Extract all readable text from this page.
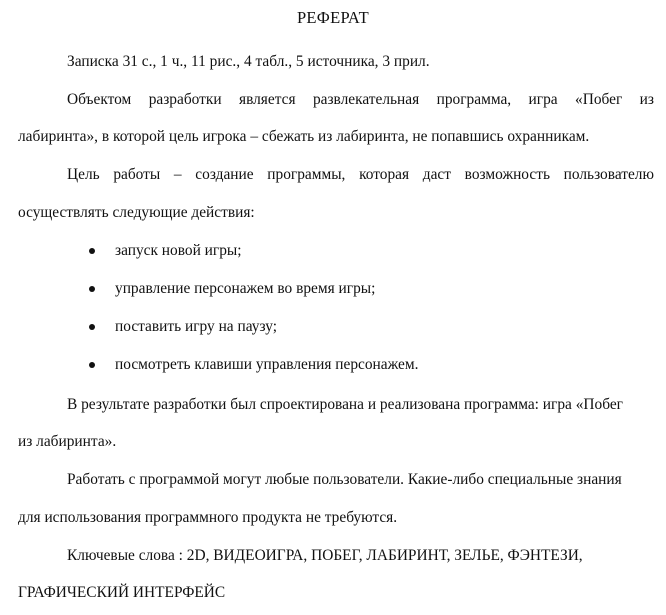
РЕФЕРАТ
Записка 31 с., 1 ч., 11 рис., 4 табл., 5 источника, 3 прил.
Объектом разработки является развлекательная программа, игра «Побег из
лабиринта», в которой цель игрока – сбежать из лабиринта, не попавшись охранникам.
Цель работы – создание программы, которая даст возможность пользователю
осуществлять следующие действия:
запуск новой игры;
управление персонажем во время игры;
поставить игру на паузу;
посмотреть клавиши управления персонажем.
В результате разработки был спроектирована и реализована программа: игра «Побег
из лабиринта».
Работать с программой могут любые пользователи. Какие-либо специальные знания
для использования программного продукта не требуются.
Ключевые слова : 2D, ВИДЕОИГРА, ПОБЕГ, ЛАБИРИНТ, ЗЕЛЬЕ, ФЭНТЕЗИ,
ГРАФИЧЕСКИЙ ИНТЕРФЕЙС
